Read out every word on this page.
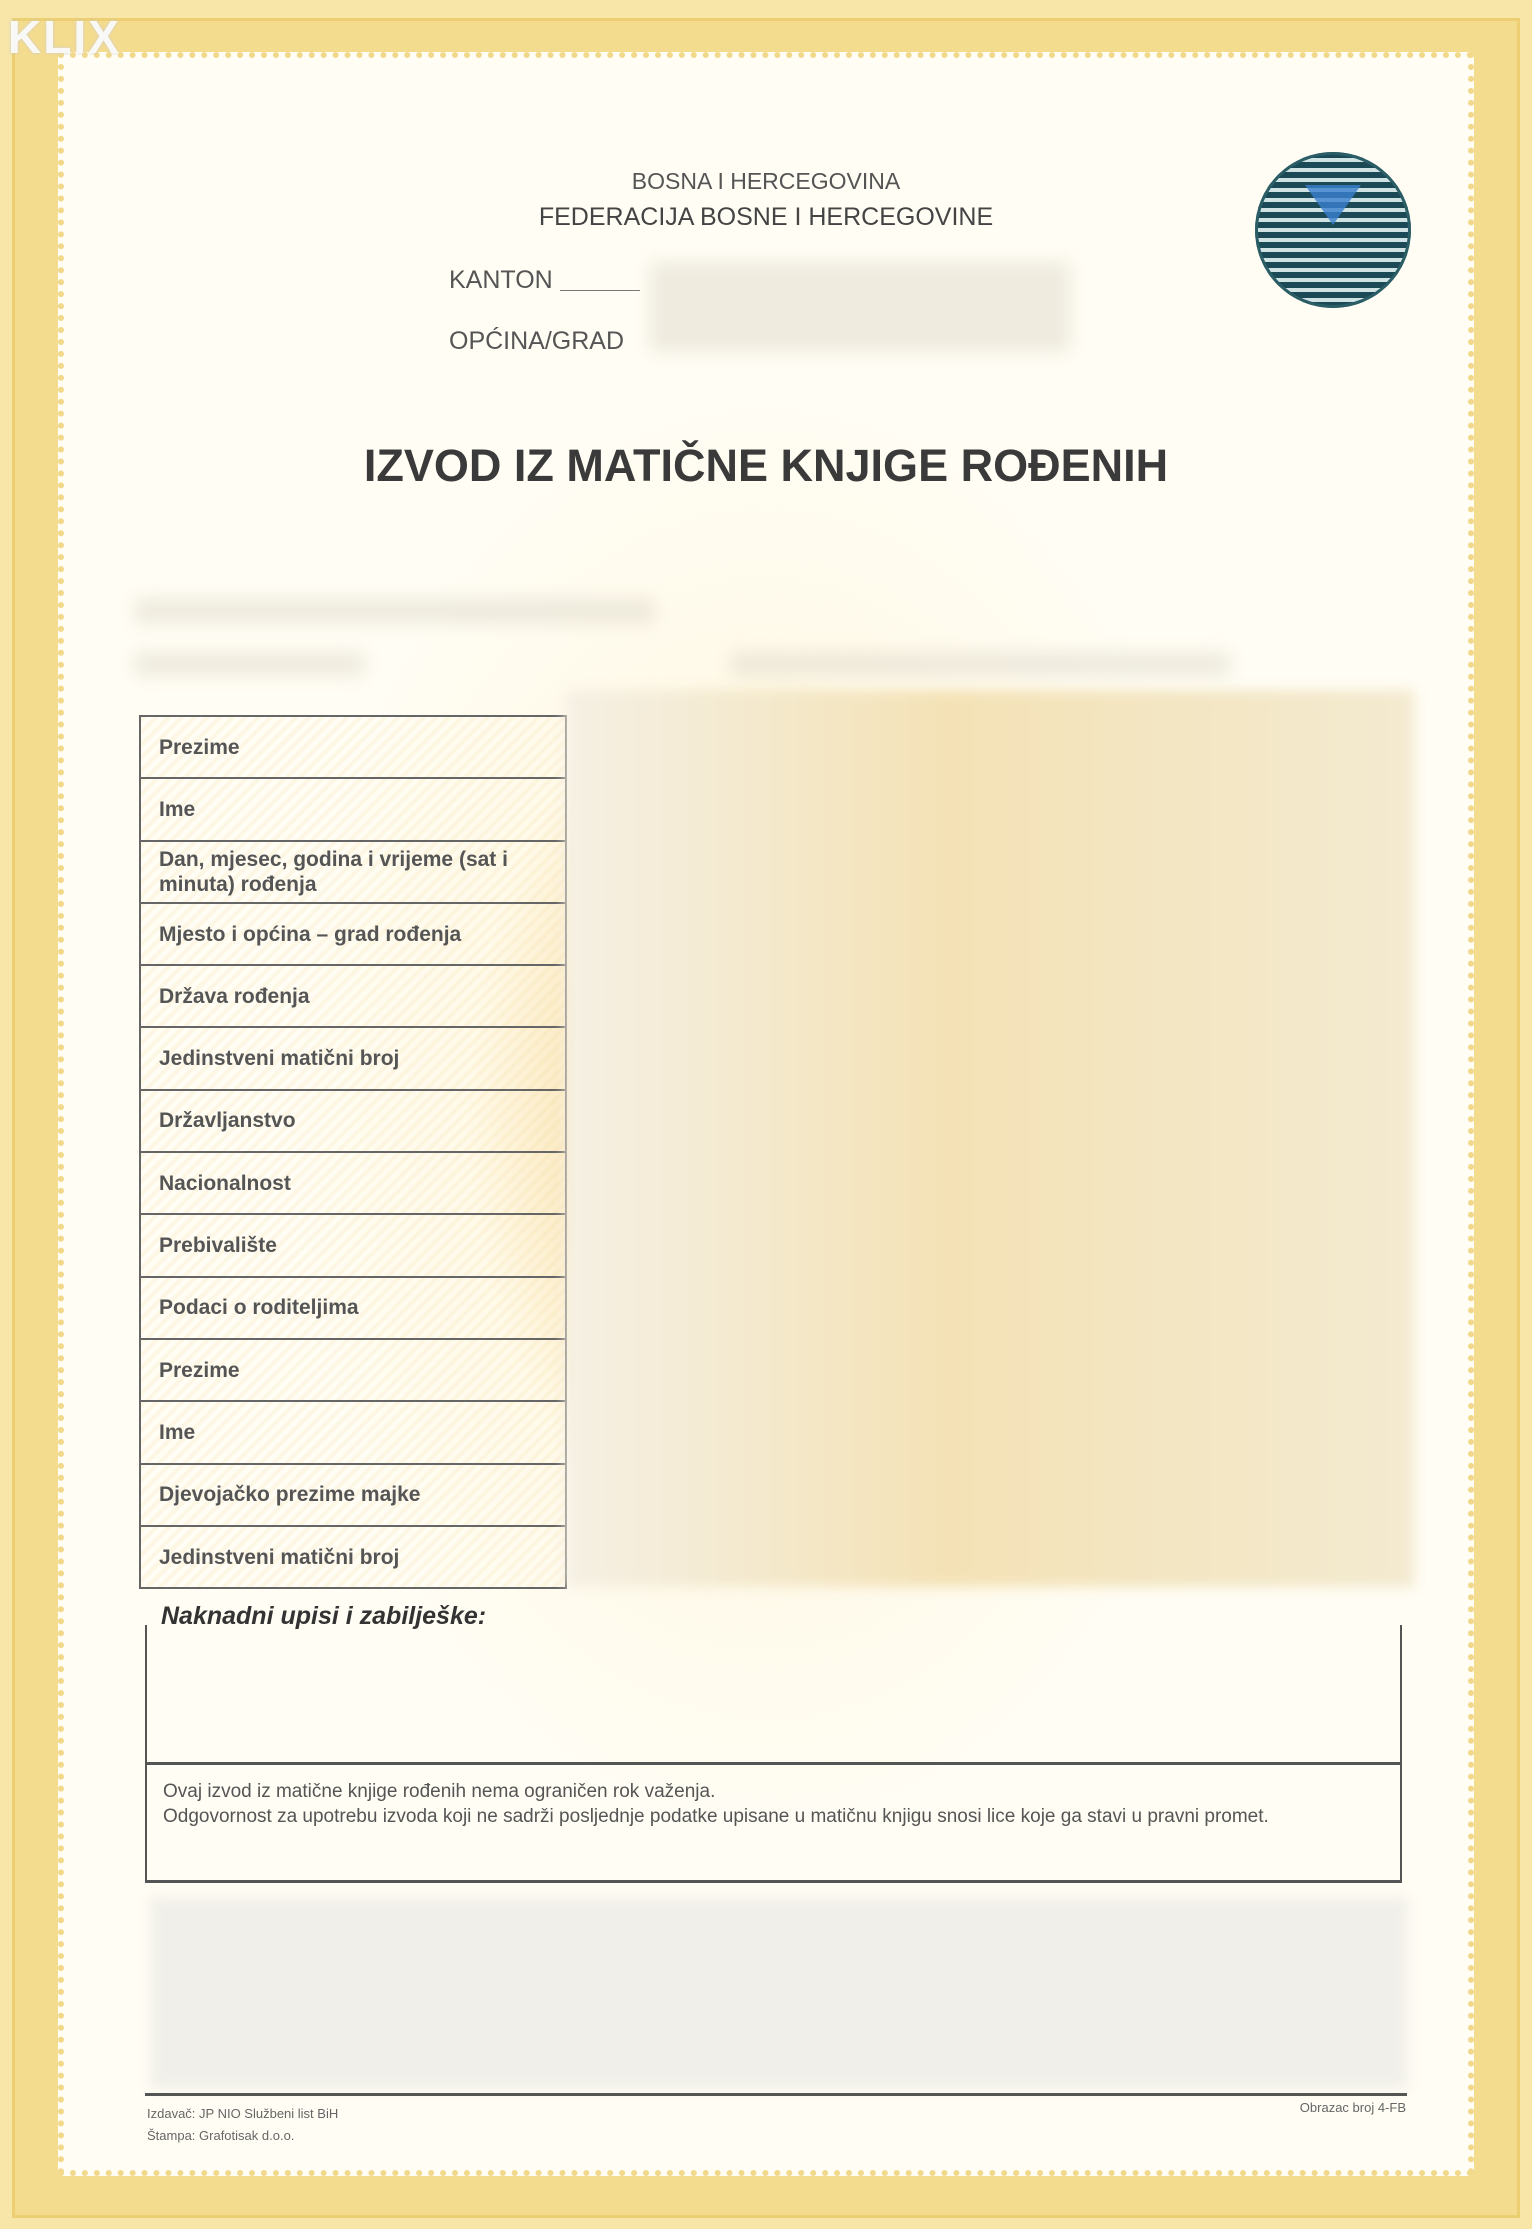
KLIX
BOSNA I HERCEGOVINA
FEDERACIJA BOSNE I HERCEGOVINE
KANTON
OPĆINA/GRAD
IZVOD IZ MATIČNE KNJIGE ROĐENIH
Prezime
Ime
Dan, mjesec, godina i vrijeme (sat i minuta) rođenja
Mjesto i općina – grad rođenja
Država rođenja
Jedinstveni matični broj
Državljanstvo
Nacionalnost
Prebivalište
Podaci o roditeljima
Prezime
Ime
Djevojačko prezime majke
Jedinstveni matični broj
Ovaj izvod iz matične knjige rođenih nema ograničen rok važenja.
Odgovornost za upotrebu izvoda koji ne sadrži posljednje podatke upisane u matičnu knjigu snosi lice koje ga stavi u pravni promet.
Naknadni upisi i zabilješke:
Izdavač: JP NIO Službeni list BiH
Štampa: Grafotisak d.o.o.
Obrazac broj 4-FB
